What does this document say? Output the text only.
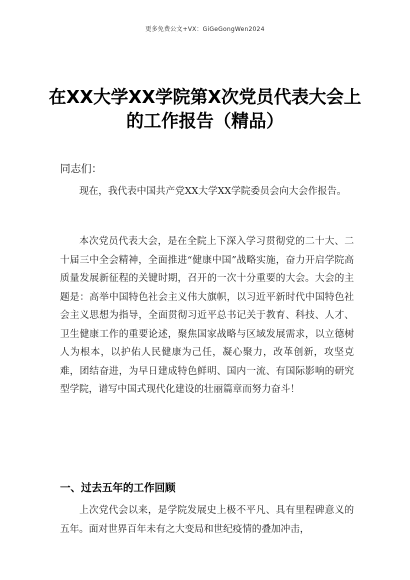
更多免费公文+VX：GiGeGongWen2024
在XX大学XX学院第X次党员代表大会上的工作报告（精品）
同志们：

现在，我代表中国共产党XX大学XX学院委员会向大会作报告。

本次党员代表大会，是在全院上下深入学习贯彻党的二十大、二十届三中全会精神，全面推进“健康中国”战略实施，奋力开启学院高质量发展新征程的关键时期，召开的一次十分重要的大会。大会的主题是：高举中国特色社会主义伟大旗帜，以习近平新时代中国特色社会主义思想为指导，全面贯彻习近平总书记关于教育、科技、人才、卫生健康工作的重要论述，聚焦国家战略与区域发展需求，以立德树人为根本，以护佑人民健康为己任，凝心聚力，改革创新，攻坚克难，团结奋进，为早日建成特色鲜明、国内一流、有国际影响的研究型学院，谱写中国式现代化建设的壮丽篇章而努力奋斗！

一、过去五年的工作回顾

上次党代会以来，是学院发展史上极不平凡、具有里程碑意义的五年。面对世界百年未有之大变局和世纪疫情的叠加冲击，
